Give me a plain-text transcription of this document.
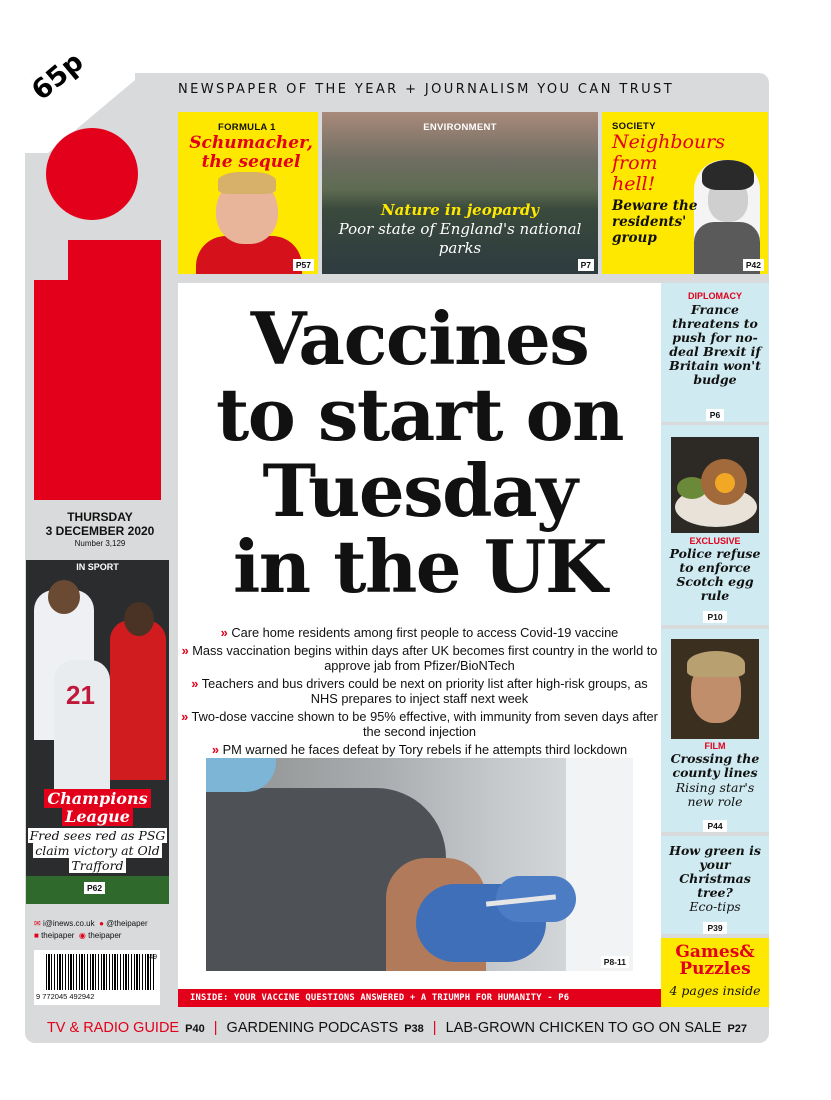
65p
THURSDAY
3 DECEMBER 2020
Number 3,129
NEWSPAPER OF THE YEAR + JOURNALISM YOU CAN TRUST
FORMULA 1
Schumacher, the sequel
P57
ENVIRONMENT
Nature in jeopardy
Poor state of England's national parks
P7
SOCIETY
Neighbours
from
hell!
Beware the residents' group
P42
Vaccines
to start on
Tuesday
in the UK
» Care home residents among first people to access Covid-19 vaccine
» Mass vaccination begins within days after UK becomes first country in the world to approve jab from Pfizer/BioNTech
» Teachers and bus drivers could be next on priority list after high-risk groups, as NHS prepares to inject staff next week
» Two-dose vaccine shown to be 95% effective, with immunity from seven days after the second injection
» PM warned he faces defeat by Tory rebels if he attempts third lockdown
P8-11
INSIDE: YOUR VACCINE QUESTIONS ANSWERED + A TRIUMPH FOR HUMANITY - P6
DIPLOMACY
France threatens to push for no-deal Brexit if Britain won't budge
P6
EXCLUSIVE
Police refuse to enforce Scotch egg rule
P10
FILM
Crossing the county lines
Rising star's new role
P44
How green is your Christmas tree?
Eco-tips
P39
Games& Puzzles
4 pages inside
21
IN SPORT
Champions League
Fred sees red as PSG claim victory at Old Trafford
P62
✉ i@inews.co.uk ● @theipaper
■ theipaper ◉ theipaper
49
9 772045 492942
TV & RADIO GUIDE P40 | GARDENING PODCASTS P38 | LAB-GROWN CHICKEN TO GO ON SALE P27
